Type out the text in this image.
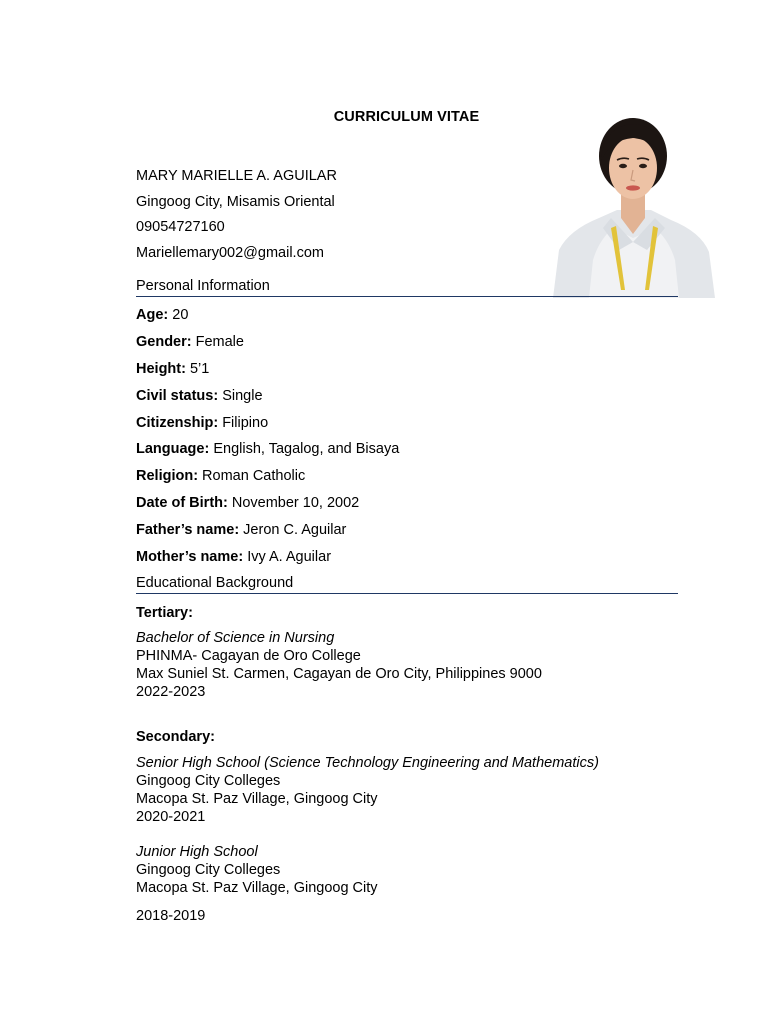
CURRICULUM VITAE
MARY MARIELLE A. AGUILAR
Gingoog City, Misamis Oriental
09054727160
Mariellemary002@gmail.com
Personal Information
Age: 20
Gender: Female
Height: 5’1
Civil status: Single
Citizenship: Filipino
Language: English, Tagalog, and Bisaya
Religion: Roman Catholic
Date of Birth: November 10, 2002
Father’s name: Jeron C. Aguilar
Mother’s name: Ivy A. Aguilar
Educational Background
Tertiary:
Bachelor of Science in Nursing
PHINMA- Cagayan de Oro College
Max Suniel St. Carmen, Cagayan de Oro City, Philippines 9000
2022-2023
Secondary:
Senior High School (Science Technology Engineering and Mathematics)
Gingoog City Colleges
Macopa St. Paz Village, Gingoog City
2020-2021
Junior High School
Gingoog City Colleges
Macopa St. Paz Village, Gingoog City
2018-2019
